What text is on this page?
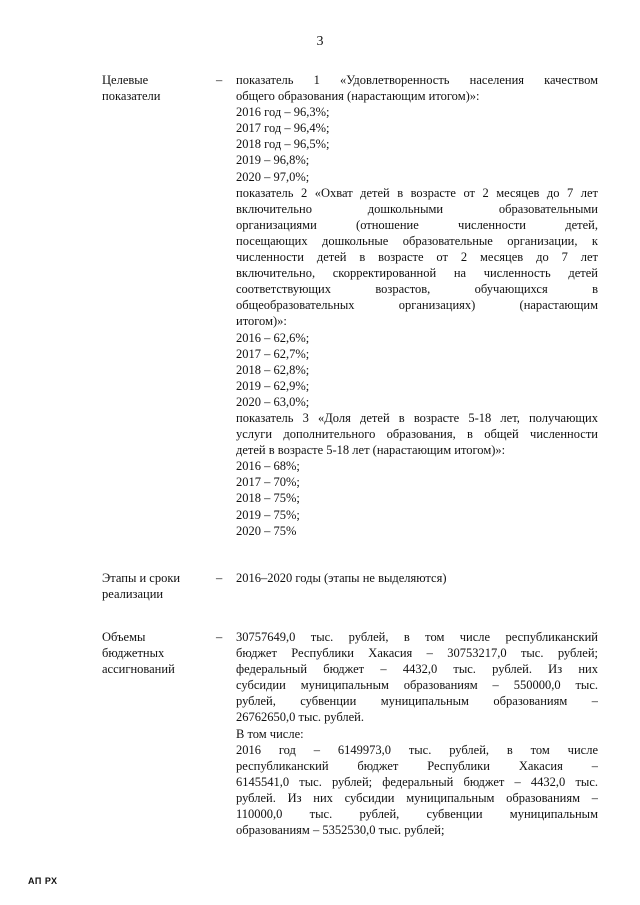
3
Целевые
показатели
– показатель 1 «Удовлетворенность населения качеством
общего образования (нарастающим итогом)»:
2016 год – 96,3%;
2017 год – 96,4%;
2018 год – 96,5%;
2019 – 96,8%;
2020 – 97,0%;
показатель 2 «Охват детей в возрасте от 2 месяцев до 7 лет
включительно дошкольными образовательными
организациями (отношение численности детей,
посещающих дошкольные образовательные организации, к
численности детей в возрасте от 2 месяцев до 7 лет
включительно, скорректированной на численность детей
соответствующих возрастов, обучающихся в
общеобразовательных организациях) (нарастающим
итогом)»:
2016 – 62,6%;
2017 – 62,7%;
2018 – 62,8%;
2019 – 62,9%;
2020 – 63,0%;
показатель 3 «Доля детей в возрасте 5-18 лет, получающих
услуги дополнительного образования, в общей численности
детей в возрасте 5-18 лет (нарастающим итогом)»:
2016 – 68%;
2017 – 70%;
2018 – 75%;
2019 – 75%;
2020 – 75%
Этапы и сроки
реализации
– 2016–2020 годы (этапы не выделяются)
Объемы
бюджетных
ассигнований
– 30757649,0 тыс. рублей, в том числе республиканский
бюджет Республики Хакасия – 30753217,0 тыс. рублей;
федеральный бюджет – 4432,0 тыс. рублей. Из них
субсидии муниципальным образованиям – 550000,0 тыс.
рублей, субвенции муниципальным образованиям –
26762650,0 тыс. рублей.
В том числе:
2016 год – 6149973,0 тыс. рублей, в том числе
республиканский бюджет Республики Хакасия –
6145541,0 тыс. рублей; федеральный бюджет – 4432,0 тыс.
рублей. Из них субсидии муниципальным образованиям –
110000,0 тыс. рублей, субвенции муниципальным
образованиям – 5352530,0 тыс. рублей;
АП РХ
